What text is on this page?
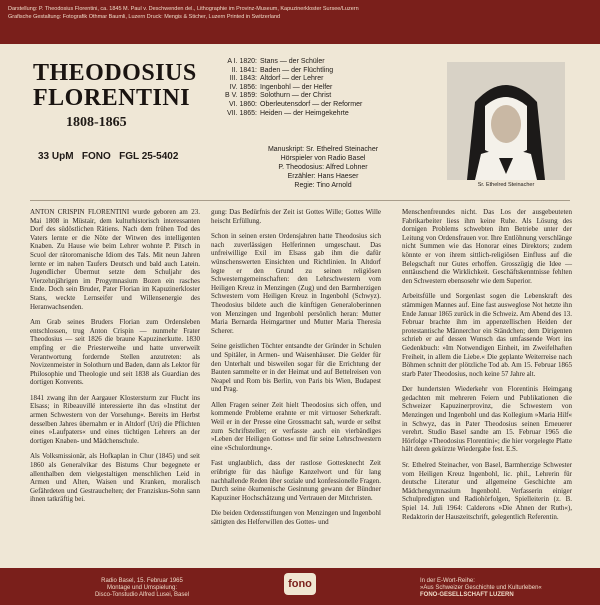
Darstellung: P. Theodosius Florentini, ca. 1845 M. Paul v. Deschwenden del., Lithographie im Provinz-Museum, Kapuzinerkloster Sursee/Luzern
Grafische Gestaltung: Fotografik Othmar Baumli, Luzern Druck: Mengis & Sticher, Luzern Printed in Switzerland
THEODOSIUS
FLORENTINI
1808-1865
33 UpM FONO FGL 25-5402
A I. 1820: Stans — der Schüler
II. 1841: Baden — der Flüchtling
III. 1843: Altdorf — der Lehrer
IV. 1856: Ingenbohl — der Helfer
B V. 1859: Solothurn — der Christ
VI. 1860: Oberleutensdorf — der Reformer
VII. 1865: Heiden — der Heimgekehrte
Manuskript: Sr. Ethelred Steinacher
Hörspieler von Radio Basel
P. Theodosius: Alfred Lohner
Erzähler: Hans Haeser
Regie: Tino Arnold	Sr. Ethelred Steinacher

ANTON CRISPIN FLORENTINI wurde geboren am 23. Mai 1808 in Müstair, dem kulturhistorisch interessanten Dorf des südöstlichen Rätiens. Nach dem frühen Tod des Vaters lernte er die Nöte der Witwen des intelligenten Knaben. Zu Hause wie beim Lehrer wohnte P. Pitsch in Scuol der rätoromanische Idiom des Tals. Mit neun Jahren lernte er im nahen Taufers Deutsch und bald auch Latein. Jugendlicher Übermut setzte dem Schuljahr des Vierzehnjährigen im Progymnasium Bozen ein rasches Ende. Doch sein Bruder, Pater Florian im Kapuzinerkloster Stans, weckte Lernseifer und Willensenergie des Heranwachsenden.

Am Grab seines Bruders Florian zum Ordensleben entschlossen, trug Anton Crispin — nunmehr Frater Theodosius — seit 1826 die braune Kapuzinerkutte. 1830 empfing er die Priesterweihe und hatte unverweilt Verantwortung fordernde Stellen anzutreten: als Novizenmeister in Solothurn und Baden, dann als Lektor für Philosophie und Theologie und seit 1838 als Guardian des dortigen Konvents.

1841 zwang ihn der Aargauer Klostersturm zur Flucht ins Elsass; in Ribeauvillé interessierte ihn das »Institut der armen Schwestern von der Vorsehung«. Bereits im Herbst desselben Jahres übernahm er in Altdorf (Uri) die Pflichten eines »Laufpaters« und eines tüchtigen Lehrers an der dortigen Knaben- und Mädchenschule.

Als Volksmissionär, als Hofkaplan in Chur (1845) und seit 1860 als Generalvikar des Bistums Chur begegnete er allenthalben dem vielgestaltigen menschlichen Leid in Armen und Alten, Waisen und Kranken, moralisch Gefährdeten und Gestrauchelten; der Franziskus-Sohn sann ihnen tatkräftig bei.

gung: Das Bedürfnis der Zeit ist Gottes Wille; Gottes Wille heischt Erfüllung.

Schon in seinen ersten Ordensjahren hatte Theodosius sich nach zuverlässigen Helferinnen umgeschaut. Das unfreiwillige Exil im Elsass gab ihm die dafür wünschenswerten Einsichten und Richtlinien. In Altdorf legte er den Grund zu seinen religiösen Schwesterngemeinschaften: den Lehrschwestern vom Heiligen Kreuz in Menzingen (Zug) und den Barmherzigen Schwestern vom Heiligen Kreuz in Ingenbohl (Schwyz). Theodosius bildete auch die künftigen Generaloberinnen von Menzingen und Ingenbohl persönlich heran: Mutter Maria Bernarda Heimgartner und Mutter Maria Theresia Scherer.

Seine geistlichen Töchter entsandte der Gründer in Schulen und Spitäler, in Armen- und Waisenhäuser. Die Gelder für den Unterhalt und bisweilen sogar für die Errichtung der Bauten sammelte er in der Heimat und auf Bettelreisen von Neapel und Rom bis Berlin, von Paris bis Wien, Budapest und Prag.

Allen Fragen seiner Zeit hielt Theodosius sich offen, und kommende Probleme erahnte er mit virtuoser Seherkraft. Weil er in der Presse eine Grossmacht sah, wurde er selbst zum Schriftsteller; er verfasste auch ein vierbändiges »Leben der Heiligen Gottes« und für seine Lehrschwestern eine »Schulordnung«.

Fast unglaublich, dass der rastlose Gottesknecht Zeit erübrigte für das häufige Kanzelwort und für lang nachhallende Reden über soziale und konfessionelle Fragen. Durch seine ökumenische Gesinnung gewann der Bündner Kapuziner Hochschätzung und Vertrauen der Mitchristen.

Die beiden Ordensstiftungen von Menzingen und Ingenbohl sättigten des Helferwillen des Gottes- und

Menschenfreundes nicht. Das Los der ausgebeuteten Fabrikarbeiter liess ihm keine Ruhe. Als Lösung des dornigen Problems schwebten ihm Betriebe unter der Leitung von Ordensfrauen vor. Ihre Entlöhnung verschlänge nicht Summen wie das Honorar eines Direktors; zudem könnte er von ihrem sittlich-religiösen Einfluss auf die Belegschaft nur Gutes erhoffen. Grosszügig die Idee — enttäuschend die Wirklichkeit. Geschäftskenntnisse fehlten den Schwestern ebensosehr wie dem Superior.

Arbeitsfülle und Sorgenlast sogen die Lebenskraft des stämmigen Mannes auf. Eine fast ausweglose Not hetzte ihn Ende Januar 1865 zurück in die Schweiz. Am Abend des 13. Februar brachte ihm im appenzellischen Heiden der protestantische Männerchor ein Ständchen; dem Dirigenten schrieb er auf dessen Wunsch das umfassende Wort ins Gedenkbuch: »Im Notwendigen Einheit, im Zweifelhaften Freiheit, in allem die Liebe.« Die geplante Weiterreise nach Böhmen schnitt der plötzliche Tod ab. Am 15. Februar 1865 starb Pater Theodosius, noch keine 57 Jahre alt.

Der hundertsten Wiederkehr von Florentinis Heimgang gedachten mit mehreren Feiern und Publikationen die Schweizer Kapuzinerprovinz, die Schwestern von Menzingen und Ingenbohl und das Kollegium »Maria Hilf« in Schwyz, das in Pater Theodosius seinen Erneuerer verehrt. Studio Basel sandte am 15. Februar 1965 die Hörfolge »Theodosius Florentini«; die hier vorgelegte Platte hält deren gekürzte Wiedergabe fest. E.S.

Sr. Ethelred Steinacher, von Basel, Barmherzige Schwester vom Heiligen Kreuz Ingenbohl, lic. phil., Lehrerin für deutsche Literatur und allgemeine Geschichte am Mädchengymnasium Ingenbohl. Verfasserin einiger Schulpredigten und Radiohörfolgen, Spielleiterin (z. B. Spiel 14. Juli 1964: Calderons »Die Ahnen der Ruth«), Redaktorin der Hauszeitschrift, gelegentlich Referentin.

Radio Basel, 15. Februar 1965
Montage und Umspielung:
Disco-Tonstudio Alfred Lusei, Basel
fono	In der E-Wort-Reihe:
»Aus Schweizer Geschichte und Kulturleben«
FONO-GESELLSCHAFT LUZERN
